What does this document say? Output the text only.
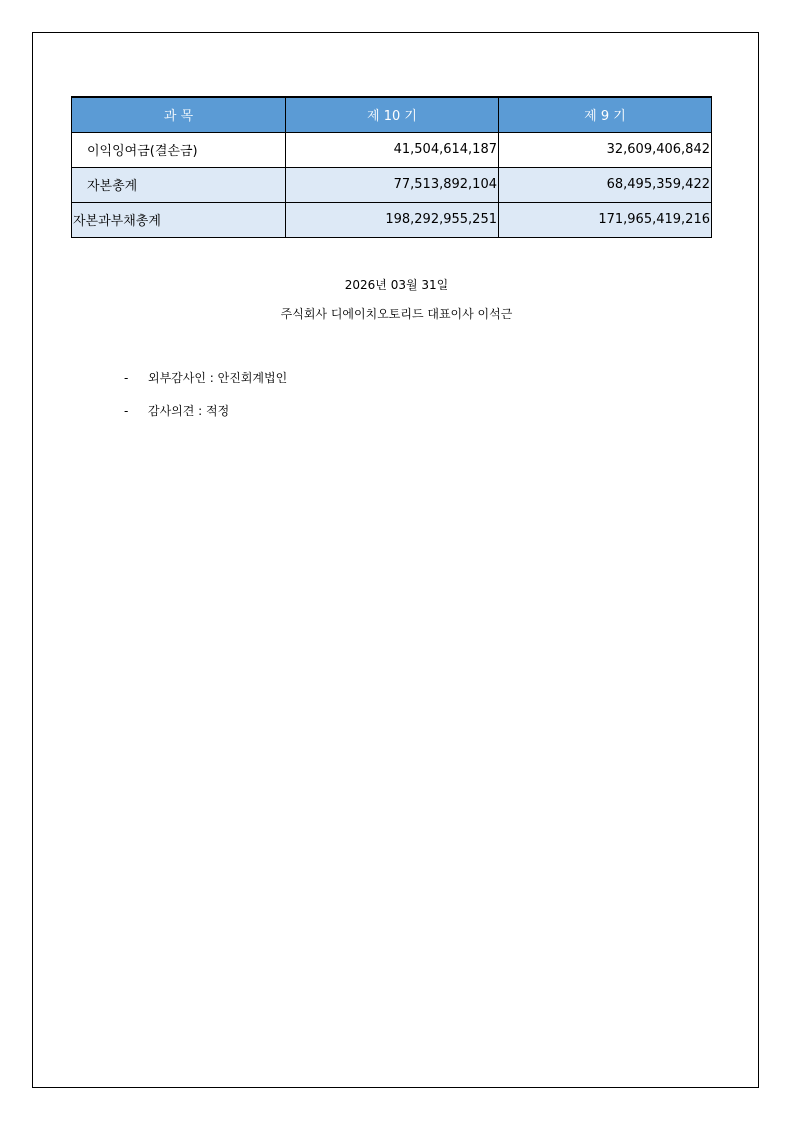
과 목	제 10 기	제 9 기
이익잉여금(결손금)	41,504,614,187	32,609,406,842
자본총계	77,513,892,104	68,495,359,422
자본과부채총계	198,292,955,251	171,965,419,216
2026년 03월 31일
주식회사 디에이치오토리드 대표이사 이석근
- 외부감사인 : 안진회계법인
- 감사의견 : 적정
